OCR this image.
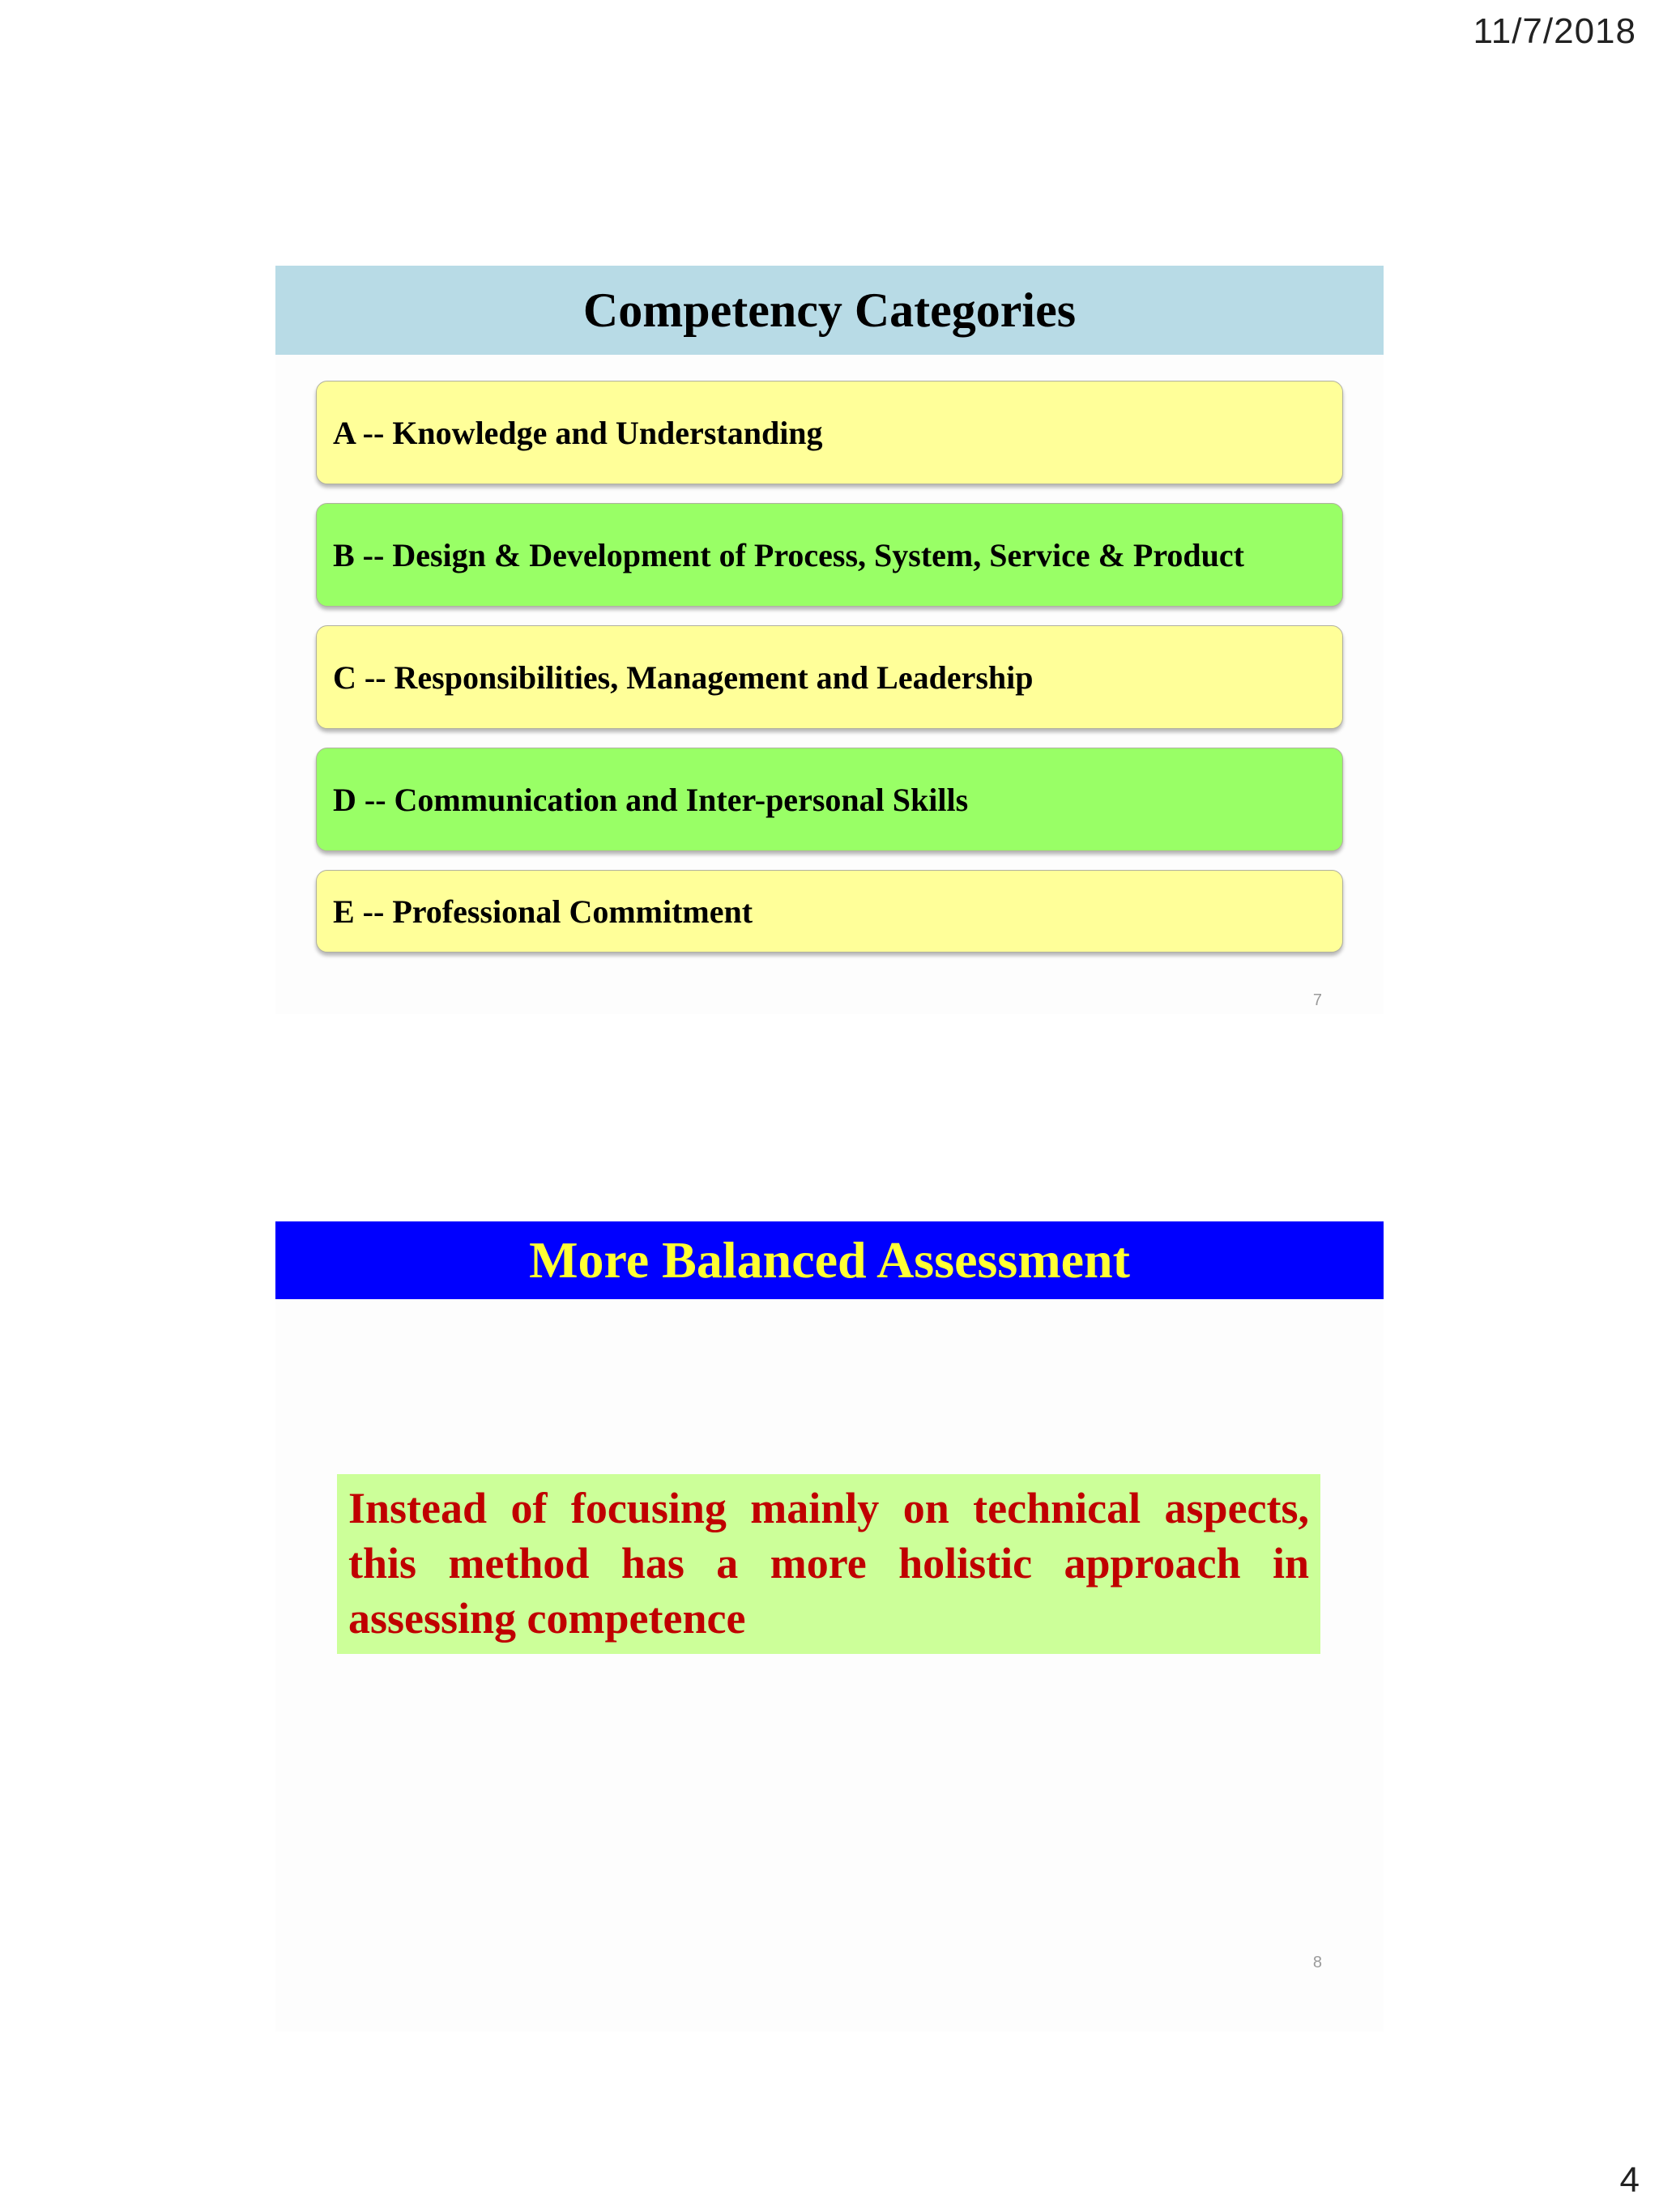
11/7/2018
Competency Categories
A -- Knowledge and Understanding
B -- Design & Development of Process, System, Service & Product
C -- Responsibilities, Management and Leadership
D -- Communication and Inter-personal Skills
E -- Professional Commitment
7
More Balanced Assessment
Instead of focusing mainly on technical aspects, this method has a more holistic approach in assessing competence
8
4
